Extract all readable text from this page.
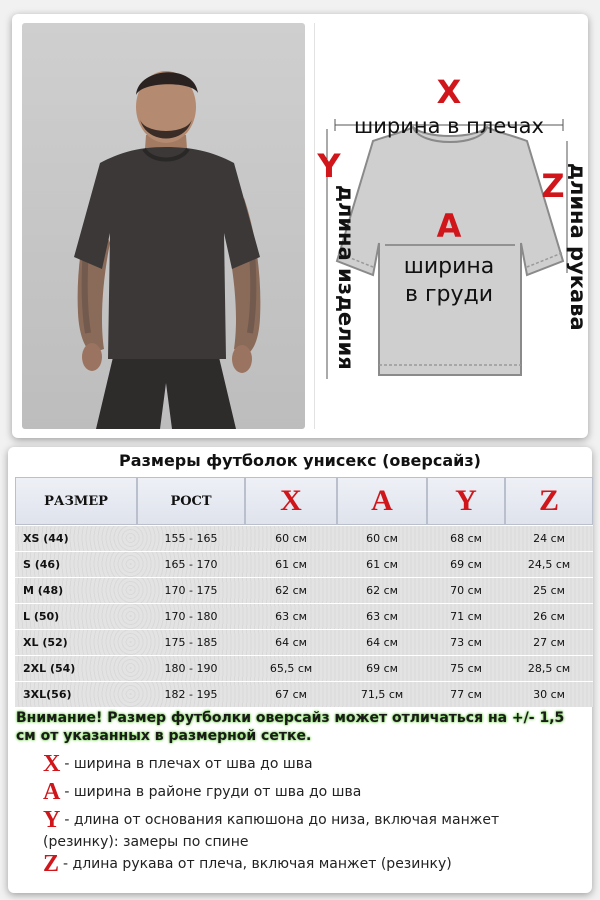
X
ширина в плечах
Y
длина изделия	Z длина рукава
A
ширина
в груди
Размеры футболок унисекс (оверсайз)
РАЗМЕР	РОСТ	X	A	Y	Z
XS (44)	155 - 165	60 см	60 см	68 см	24 см
S (46)	165 - 170	61 см	61 см	69 см	24,5 см
M (48)	170 - 175	62 см	62 см	70 см	25 см
L (50)	170 - 180	63 см	63 см	71 см	26 см
XL (52)	175 - 185	64 см	64 см	73 см	27 см
2XL (54)	180 - 190	65,5 см	69 см	75 см	28,5 см
3XL(56)	182 - 195	67 см	71,5 см	77 см	30 см
Внимание! Размер футболки оверсайз может отличаться на +/- 1,5 см от указанных в размерной сетке.
X - ширина в плечах от шва до шва
A - ширина в районе груди от шва до шва
Y - длина от основания капюшона до низа, включая манжет (резинку): замеры по спине
Z - длина рукава от плеча, включая манжет (резинку)
